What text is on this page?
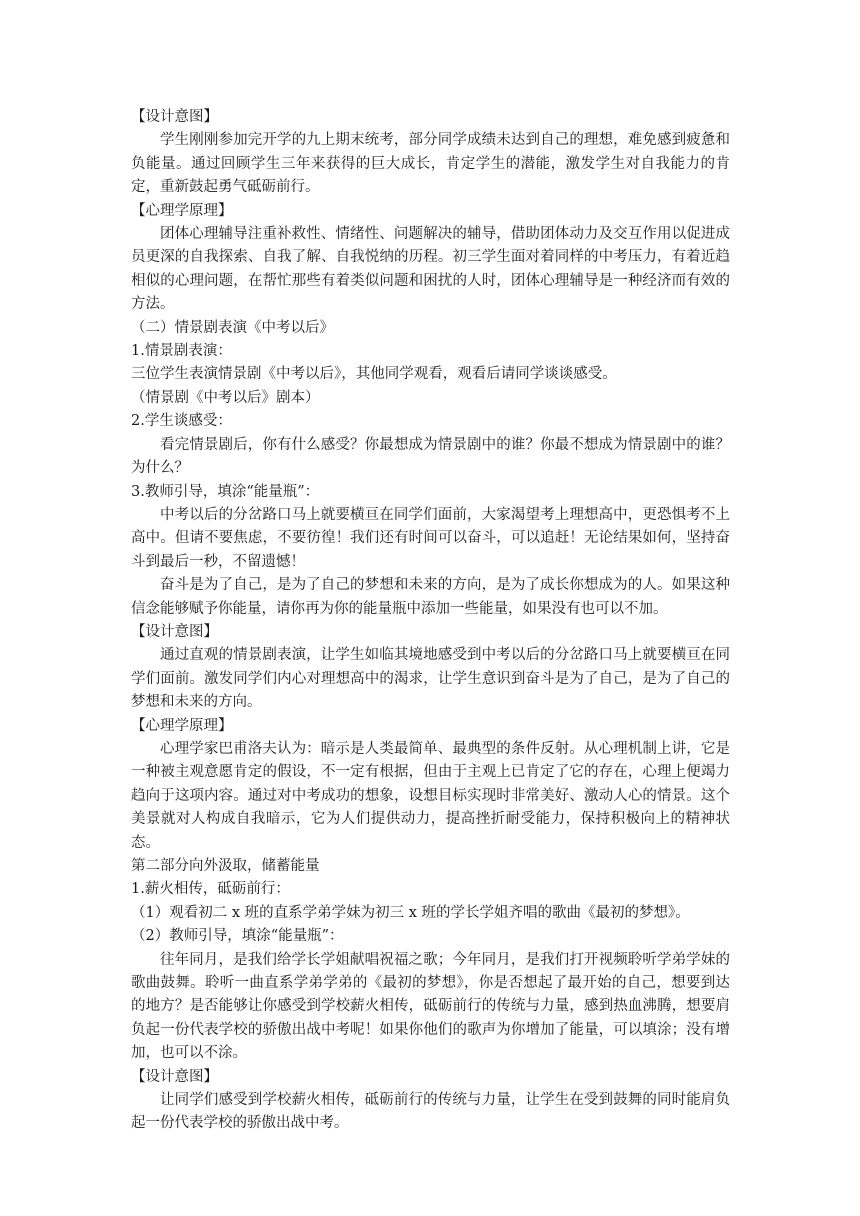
【设计意图】

学生刚刚参加完开学的九上期末统考，部分同学成绩未达到自己的理想，难免感到疲惫和负能量。通过回顾学生三年来获得的巨大成长，肯定学生的潜能，激发学生对自我能力的肯定，重新鼓起勇气砥砺前行。

【心理学原理】

团体心理辅导注重补救性、情绪性、问题解决的辅导，借助团体动力及交互作用以促进成员更深的自我探索、自我了解、自我悦纳的历程。初三学生面对着同样的中考压力，有着近趋相似的心理问题，在帮忙那些有着类似问题和困扰的人时，团体心理辅导是一种经济而有效的方法。

（二）情景剧表演《中考以后》

1.情景剧表演：

三位学生表演情景剧《中考以后》，其他同学观看，观看后请同学谈谈感受。

（情景剧《中考以后》剧本）

2.学生谈感受：

看完情景剧后，你有什么感受？你最想成为情景剧中的谁？你最不想成为情景剧中的谁？为什么？

3.教师引导，填涂“能量瓶”：

中考以后的分岔路口马上就要横亘在同学们面前，大家渴望考上理想高中，更恐惧考不上高中。但请不要焦虑，不要彷徨！我们还有时间可以奋斗，可以追赶！无论结果如何，坚持奋斗到最后一秒，不留遗憾！

奋斗是为了自己，是为了自己的梦想和未来的方向，是为了成长你想成为的人。如果这种信念能够赋予你能量，请你再为你的能量瓶中添加一些能量，如果没有也可以不加。

【设计意图】

通过直观的情景剧表演，让学生如临其境地感受到中考以后的分岔路口马上就要横亘在同学们面前。激发同学们内心对理想高中的渴求，让学生意识到奋斗是为了自己，是为了自己的梦想和未来的方向。

【心理学原理】

心理学家巴甫洛夫认为：暗示是人类最简单、最典型的条件反射。从心理机制上讲，它是一种被主观意愿肯定的假设，不一定有根据，但由于主观上已肯定了它的存在，心理上便竭力趋向于这项内容。通过对中考成功的想象，设想目标实现时非常美好、激动人心的情景。这个美景就对人构成自我暗示，它为人们提供动力，提高挫折耐受能力，保持积极向上的精神状态。

第二部分向外汲取，储蓄能量

1.薪火相传，砥砺前行：

（1）观看初二 x 班的直系学弟学妹为初三 x 班的学长学姐齐唱的歌曲《最初的梦想》。

（2）教师引导，填涂“能量瓶”：

往年同月，是我们给学长学姐献唱祝福之歌；今年同月，是我们打开视频聆听学弟学妹的歌曲鼓舞。聆听一曲直系学弟学弟的《最初的梦想》，你是否想起了最开始的自己，想要到达的地方？是否能够让你感受到学校薪火相传，砥砺前行的传统与力量，感到热血沸腾，想要肩负起一份代表学校的骄傲出战中考呢！如果你他们的歌声为你增加了能量，可以填涂；没有增加，也可以不涂。

【设计意图】

让同学们感受到学校薪火相传，砥砺前行的传统与力量，让学生在受到鼓舞的同时能肩负起一份代表学校的骄傲出战中考。
